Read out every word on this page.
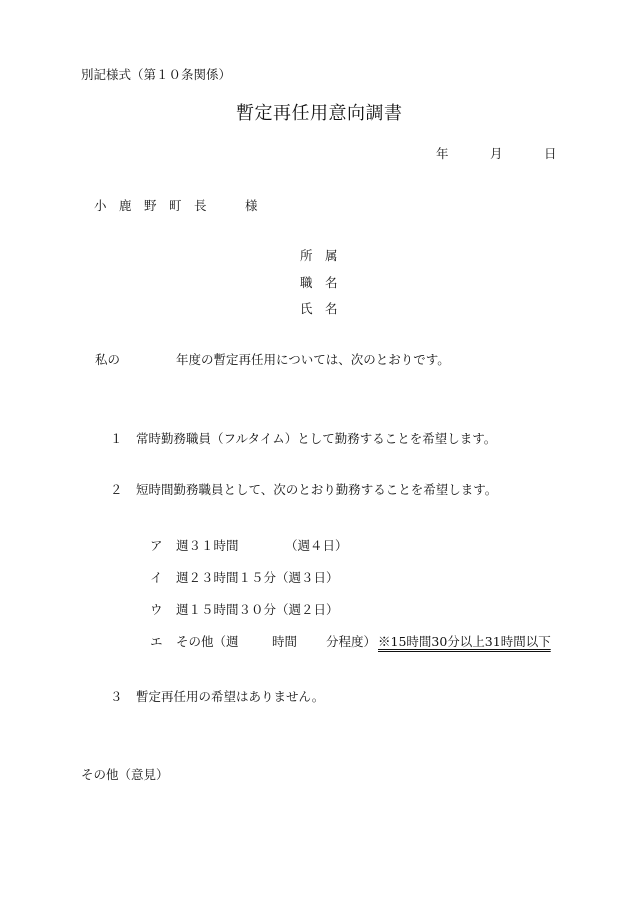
別記様式（第１０条関係）
暫定再任用意向調書
年	月	日
小　鹿　野　町　長	様
所　属
職　名
氏　名
私の	年度の暫定再任用については、次のとおりです。
１ 常時勤務職員（フルタイム）として勤務することを希望します。
２ 短時間勤務職員として、次のとおり勤務することを希望します。
ア 週３１時間	（週４日）
イ 週２３時間１５分（週３日）
ウ 週１５時間３０分（週２日）
エ その他（週	時間 分程度） ※15時間30分以上31時間以下
３ 暫定再任用の希望はありません。
その他（意見）
